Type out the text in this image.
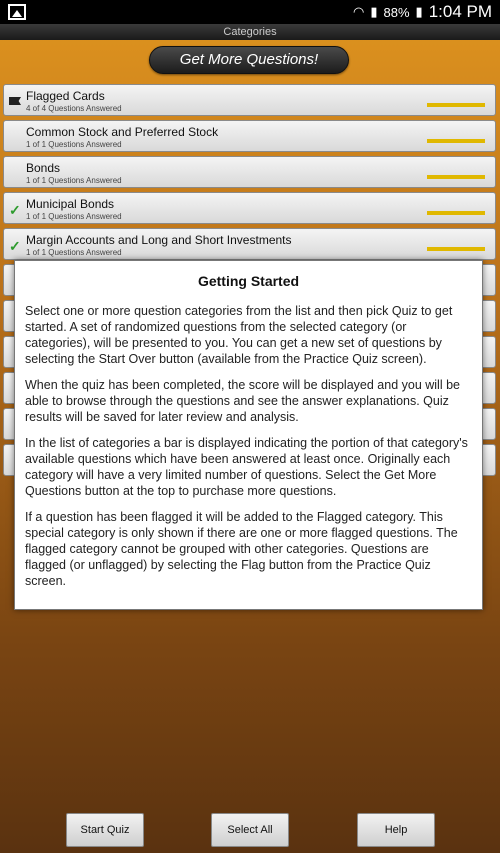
◠ ▮ 88% ▮ 1:04 PM
Categories
Get More Questions!
Flagged Cards
4 of 4 Questions Answered
Common Stock and Preferred Stock
1 of 1 Questions Answered
Bonds
1 of 1 Questions Answered
✓ Municipal Bonds
1 of 1 Questions Answered
✓ Margin Accounts and Long and Short Investments
1 of 1 Questions Answered
Getting Started

Select one or more question categories from the list and then pick Quiz to get started. A set of randomized questions from the selected category (or categories), will be presented to you. You can get a new set of questions by selecting the Start Over button (available from the Practice Quiz screen).

When the quiz has been completed, the score will be displayed and you will be able to browse through the questions and see the answer explanations. Quiz results will be saved for later review and analysis.

In the list of categories a bar is displayed indicating the portion of that category's available questions which have been answered at least once. Originally each category will have a very limited number of questions. Select the Get More Questions button at the top to purchase more questions.

If a question has been flagged it will be added to the Flagged category. This special category is only shown if there are one or more flagged questions. The flagged category cannot be grouped with other categories. Questions are flagged (or unflagged) by selecting the Flag button from the Practice Quiz screen.

Start Quiz	Select All	Help
